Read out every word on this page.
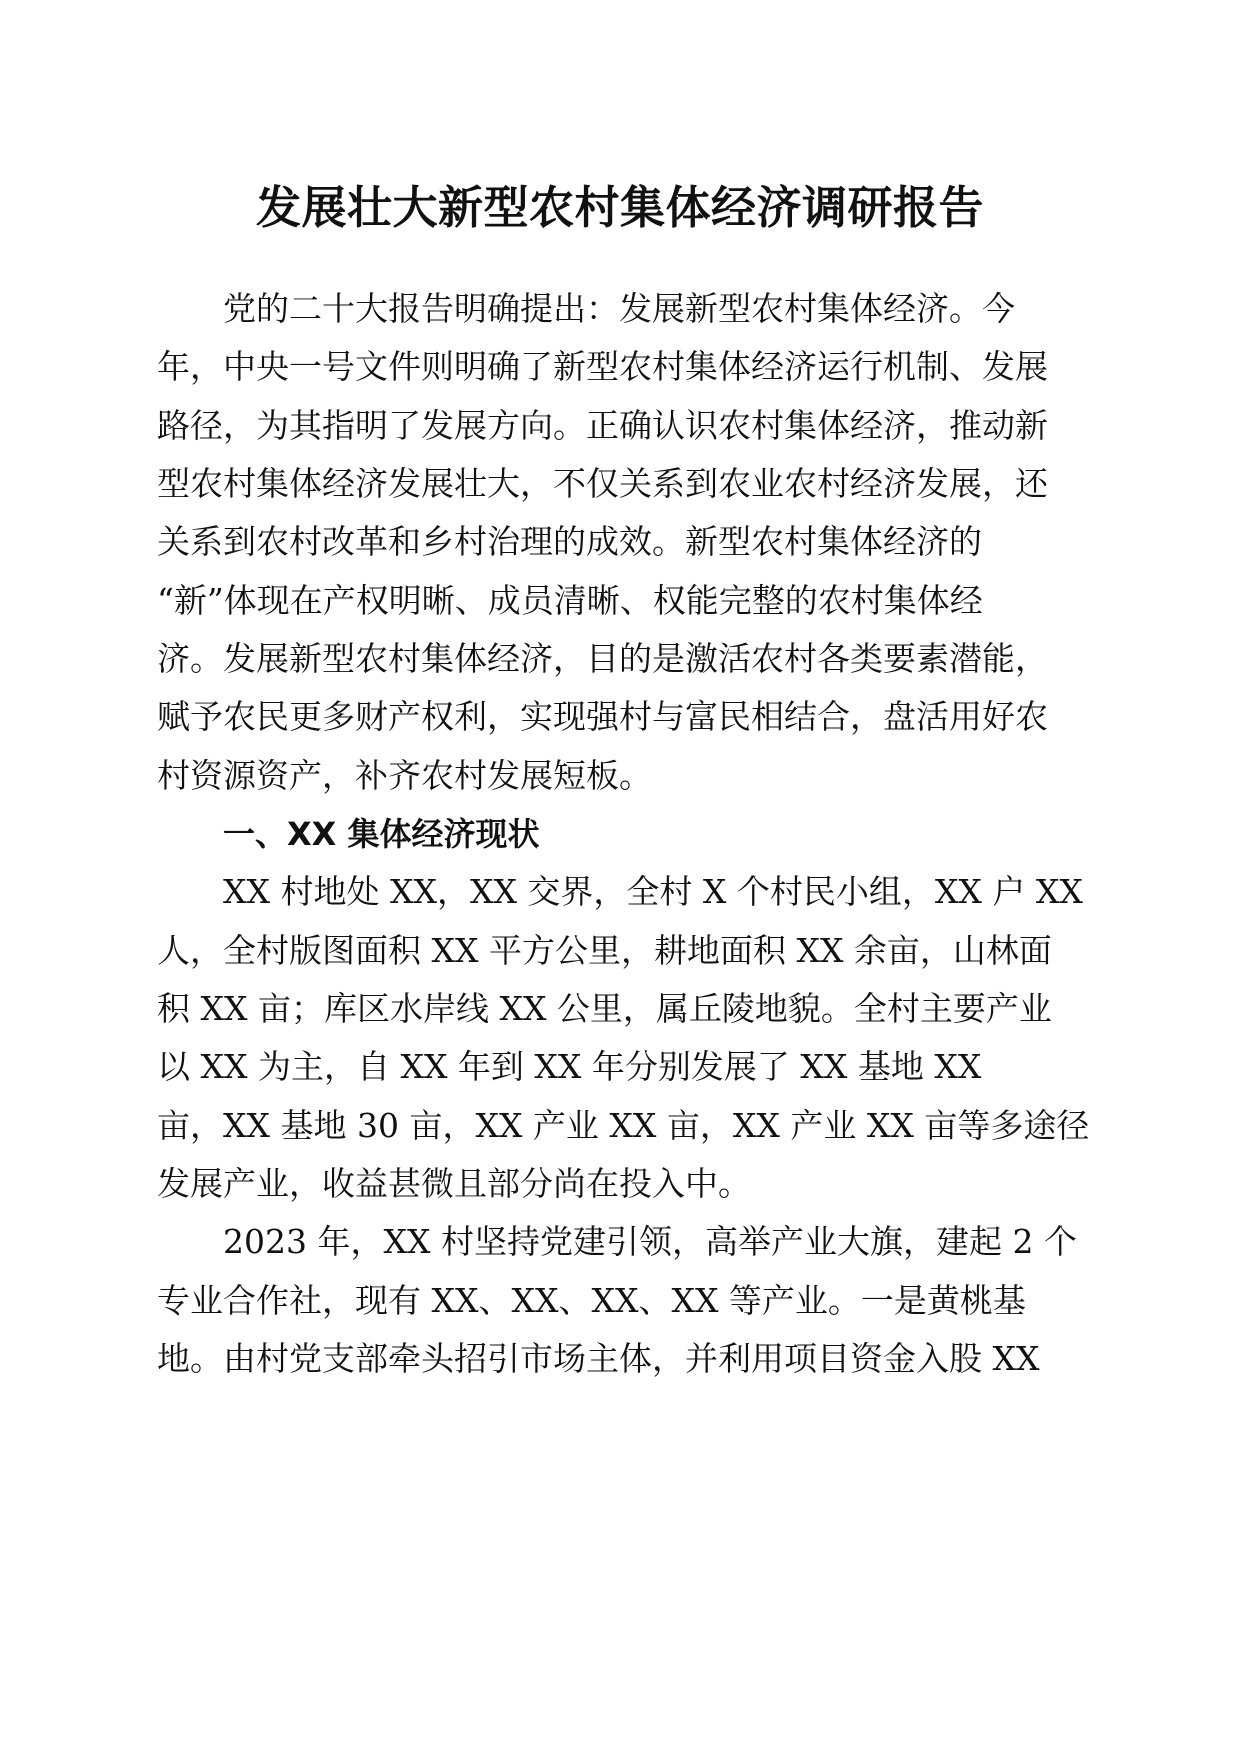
发展壮大新型农村集体经济调研报告

党的二十大报告明确提出：发展新型农村集体经济。今

年，中央一号文件则明确了新型农村集体经济运行机制、发展

路径，为其指明了发展方向。正确认识农村集体经济，推动新

型农村集体经济发展壮大，不仅关系到农业农村经济发展，还

关系到农村改革和乡村治理的成效。新型农村集体经济的

“新”体现在产权明晰、成员清晰、权能完整的农村集体经

济。发展新型农村集体经济，目的是激活农村各类要素潜能，

赋予农民更多财产权利，实现强村与富民相结合，盘活用好农

村资源资产，补齐农村发展短板。

一、XX 集体经济现状

XX 村地处 XX，XX 交界，全村 X 个村民小组，XX 户 XX

人，全村版图面积 XX 平方公里，耕地面积 XX 余亩，山林面

积 XX 亩；库区水岸线 XX 公里，属丘陵地貌。全村主要产业

以 XX 为主，自 XX 年到 XX 年分别发展了 XX 基地 XX

亩，XX 基地 30 亩，XX 产业 XX 亩，XX 产业 XX 亩等多途径

发展产业，收益甚微且部分尚在投入中。

2023 年，XX 村坚持党建引领，高举产业大旗，建起 2 个

专业合作社，现有 XX、XX、XX、XX 等产业。一是黄桃基

地。由村党支部牵头招引市场主体，并利用项目资金入股 XX
